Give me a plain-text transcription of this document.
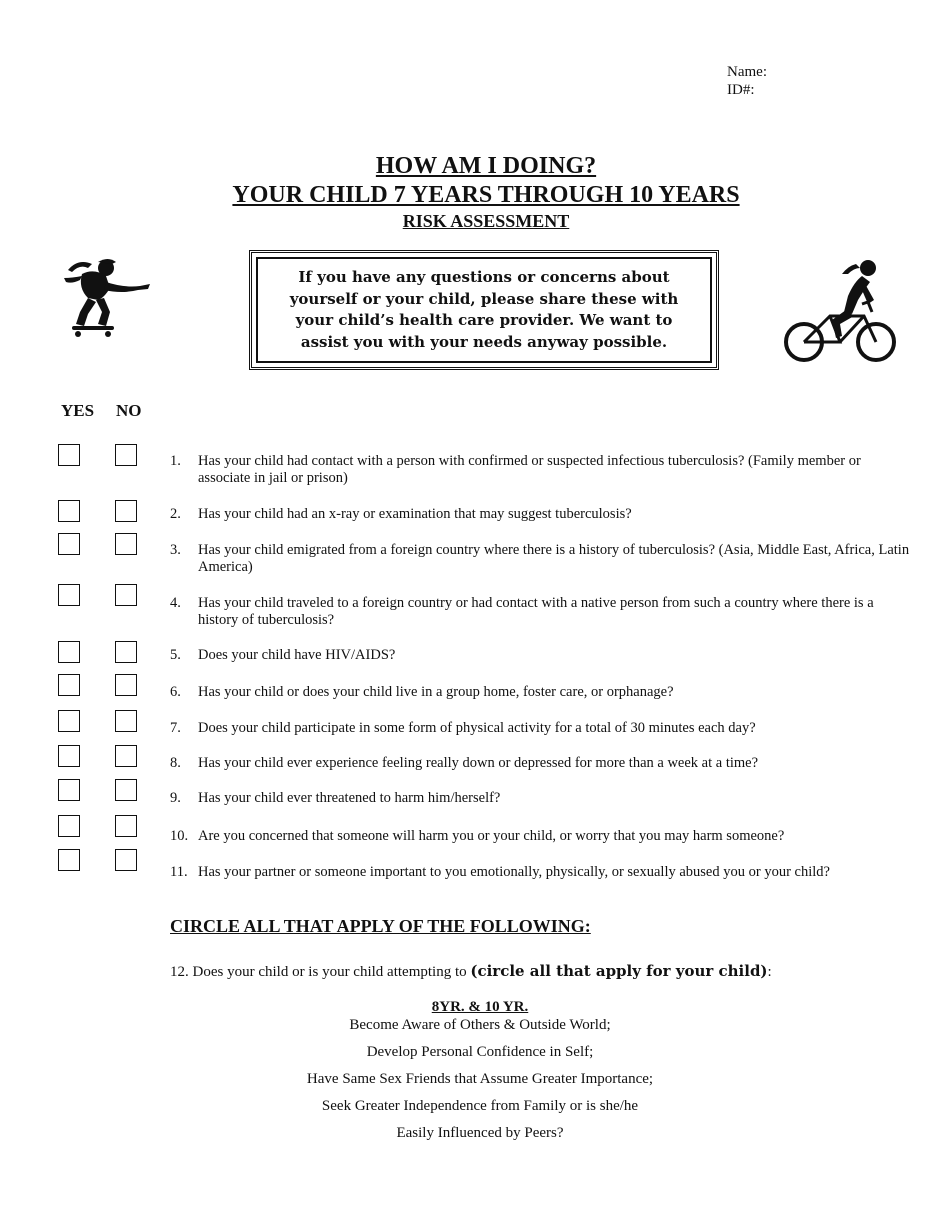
Name:
ID#:
HOW AM I DOING?
YOUR CHILD 7 YEARS THROUGH 10 YEARS
RISK ASSESSMENT
If you have any questions or concerns about yourself or your child, please share these with your child’s health care provider. We want to assist you with your needs anyway possible.
YES NO
1.	Has your child had contact with a person with confirmed or suspected infectious tuberculosis? (Family member or associate in jail or prison)
2.	Has your child had an x-ray or examination that may suggest tuberculosis?
3.	Has your child emigrated from a foreign country where there is a history of tuberculosis? (Asia, Middle East, Africa, Latin America)
4.	Has your child traveled to a foreign country or had contact with a native person from such a country where there is a history of tuberculosis?
5.	Does your child have HIV/AIDS?
6.	Has your child or does your child live in a group home, foster care, or orphanage?
7.	Does your child participate in some form of physical activity for a total of 30 minutes each day?
8.	Has your child ever experience feeling really down or depressed for more than a week at a time?
9.	Has your child ever threatened to harm him/herself?
10. Are you concerned that someone will harm you or your child, or worry that you may harm someone?
11. Has your partner or someone important to you emotionally, physically, or sexually abused you or your child?
CIRCLE ALL THAT APPLY OF THE FOLLOWING:
12. Does your child or is your child attempting to (circle all that apply for your child):
8YR. & 10 YR.
Become Aware of Others & Outside World;
Develop Personal Confidence in Self;
Have Same Sex Friends that Assume Greater Importance;
Seek Greater Independence from Family or is she/he
Easily Influenced by Peers?
